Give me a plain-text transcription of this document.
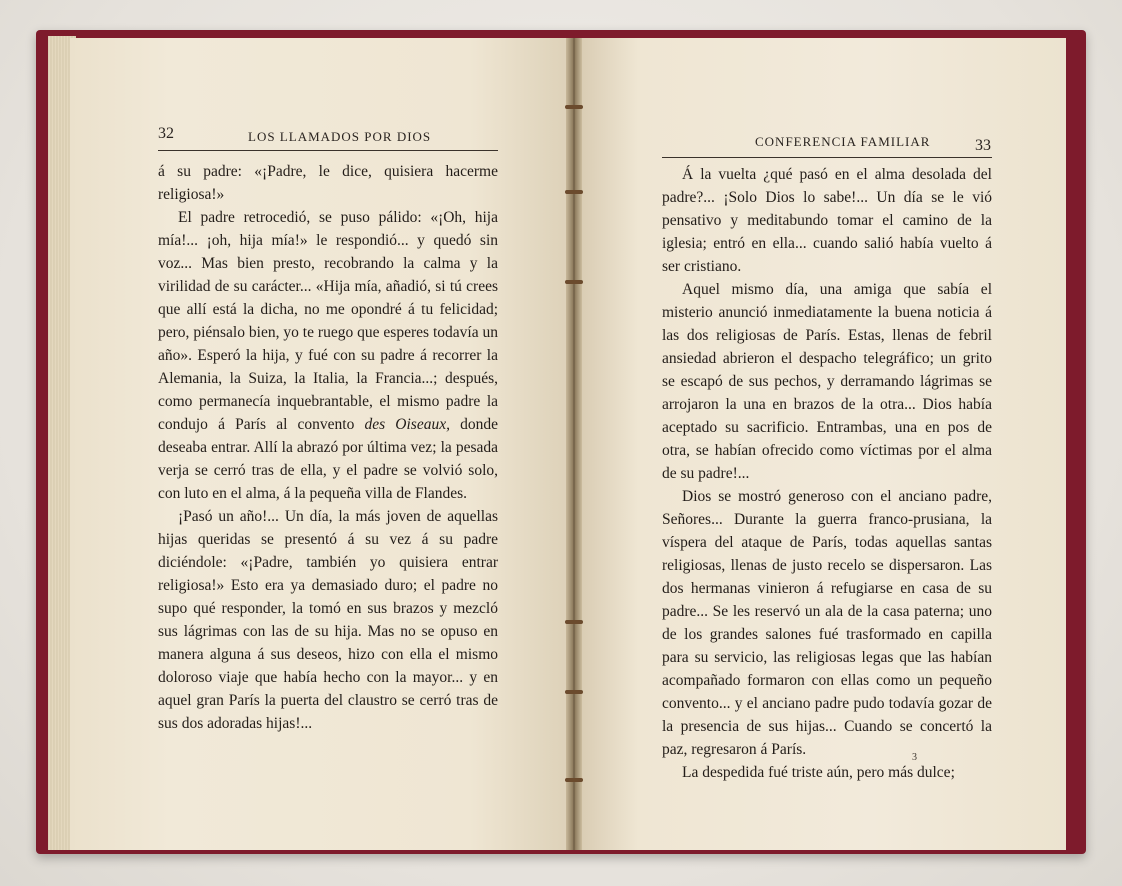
32	LOS LLAMADOS POR DIOS

á su padre: «¡Padre, le dice, quisiera hacerme religiosa!»

El padre retrocedió, se puso pálido: «¡Oh, hija mía!... ¡oh, hija mía!» le respondió... y quedó sin voz... Mas bien presto, recobrando la calma y la virilidad de su carácter... «Hija mía, añadió, si tú crees que allí está la dicha, no me opondré á tu felicidad; pero, piénsalo bien, yo te ruego que esperes todavía un año». Esperó la hija, y fué con su padre á recorrer la Alemania, la Suiza, la Italia, la Francia...; después, como permanecía inquebrantable, el mismo padre la condujo á París al convento des Oiseaux, donde deseaba entrar. Allí la abrazó por última vez; la pesada verja se cerró tras de ella, y el padre se volvió solo, con luto en el alma, á la pequeña villa de Flandes.

¡Pasó un año!... Un día, la más joven de aquellas hijas queridas se presentó á su vez á su padre diciéndole: «¡Padre, también yo quisiera entrar religiosa!» Esto era ya demasiado duro; el padre no supo qué responder, la tomó en sus brazos y mezcló sus lágrimas con las de su hija. Mas no se opuso en manera alguna á sus deseos, hizo con ella el mismo doloroso viaje que había hecho con la mayor... y en aquel gran París la puerta del claustro se cerró tras de sus dos adoradas hijas!...

CONFERENCIA FAMILIAR	33

Á la vuelta ¿qué pasó en el alma desolada del padre?... ¡Solo Dios lo sabe!... Un día se le vió pensativo y meditabundo tomar el camino de la iglesia; entró en ella... cuando salió había vuelto á ser cristiano.

Aquel mismo día, una amiga que sabía el misterio anunció inmediatamente la buena noticia á las dos religiosas de París. Estas, llenas de febril ansiedad abrieron el despacho telegráfico; un grito se escapó de sus pechos, y derramando lágrimas se arrojaron la una en brazos de la otra... Dios había aceptado su sacrificio. Entrambas, una en pos de otra, se habían ofrecido como víctimas por el alma de su padre!...

Dios se mostró generoso con el anciano padre, Señores... Durante la guerra franco-prusiana, la víspera del ataque de París, todas aquellas santas religiosas, llenas de justo recelo se dispersaron. Las dos hermanas vinieron á refugiarse en casa de su padre... Se les reservó un ala de la casa paterna; uno de los grandes salones fué trasformado en capilla para su servicio, las religiosas legas que las habían acompañado formaron con ellas como un pequeño convento... y el anciano padre pudo todavía gozar de la presencia de sus hijas... Cuando se concertó la paz, regresaron á París.

La despedida fué triste aún, pero más dulce;

3
